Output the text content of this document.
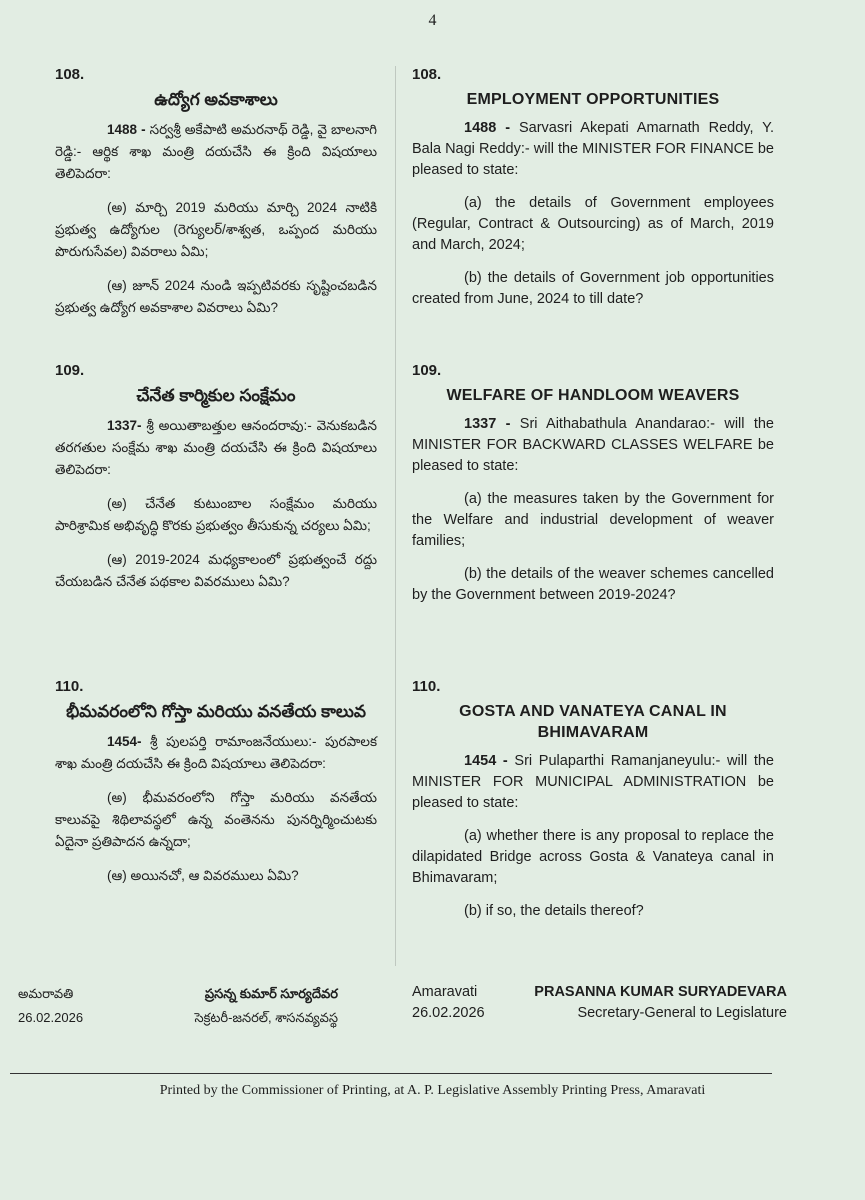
4
108.
ఉద్యోగ అవకాశాలు

1488 - సర్వశ్రీ అకేపాటి అమరనాథ్ రెడ్డి, వై బాలనాగి రెడ్డి:- ఆర్థిక శాఖ మంత్రి దయచేసి ఈ క్రింది విషయాలు తెలిపెదరా:

(అ) మార్చి 2019 మరియు మార్చి 2024 నాటికి ప్రభుత్వ ఉద్యోగుల (రెగ్యులర్/శాశ్వత, ఒప్పంద మరియు పొరుగుసేవల) వివరాలు ఏమి;

(ఆ) జూన్ 2024 నుండి ఇప్పటివరకు సృష్టించబడిన ప్రభుత్వ ఉద్యోగ అవకాశాల వివరాలు ఏమి?

109.
చేనేత కార్మికుల సంక్షేమం

1337- శ్రీ అయితాబత్తుల ఆనందరావు:- వెనుకబడిన తరగతుల సంక్షేమ శాఖ మంత్రి దయచేసి ఈ క్రింది విషయాలు తెలిపెదరా:

(అ) చేనేత కుటుంబాల సంక్షేమం మరియు పారిశ్రామిక అభివృద్ధి కొరకు ప్రభుత్వం తీసుకున్న చర్యలు ఏమి;

(ఆ) 2019-2024 మధ్యకాలంలో ప్రభుత్వంచే రద్దు చేయబడిన చేనేత పథకాల వివరములు ఏమి?

110.
భీమవరంలోని గోస్తా మరియు వనతేయ కాలువ

1454- శ్రీ పులపర్తి రామాంజనేయులు:- పురపాలక శాఖ మంత్రి దయచేసి ఈ క్రింది విషయాలు తెలిపెదరా:

(అ) భీమవరంలోని గోస్తా మరియు వనతేయ కాలువపై శిథిలావస్థలో ఉన్న వంతెనను పునర్నిర్మించుటకు ఏదైనా ప్రతిపాదన ఉన్నదా;

(ఆ) అయినచో, ఆ వివరములు ఏమి?

108.
EMPLOYMENT OPPORTUNITIES

1488 - Sarvasri Akepati Amarnath Reddy, Y. Bala Nagi Reddy:- will the MINISTER FOR FINANCE be pleased to state:

(a) the details of Government employees (Regular, Contract & Outsourcing) as of March, 2019 and March, 2024;

(b) the details of Government job opportunities created from June, 2024 to till date?

109.
WELFARE OF HANDLOOM WEAVERS

1337 - Sri Aithabathula Anandarao:- will the MINISTER FOR BACKWARD CLASSES WELFARE be pleased to state:

(a) the measures taken by the Government for the Welfare and industrial development of weaver families;

(b) the details of the weaver schemes cancelled by the Government between 2019-2024?

110.
GOSTA AND VANATEYA CANAL IN BHIMAVARAM

1454 - Sri Pulaparthi Ramanjaneyulu:- will the MINISTER FOR MUNICIPAL ADMINISTRATION be pleased to state:

(a) whether there is any proposal to replace the dilapidated Bridge across Gosta & Vanateya canal in Bhimavaram;

(b) if so, the details thereof?

అమరావతి	ప్రసన్న కుమార్ సూర్యదేవర
26.02.2026	సెక్రటరీ-జనరల్, శాసనవ్యవస్థ
Amaravati	PRASANNA KUMAR SURYADEVARA
26.02.2026	Secretary-General to Legislature
Printed by the Commissioner of Printing, at A. P. Legislative Assembly Printing Press, Amaravati
